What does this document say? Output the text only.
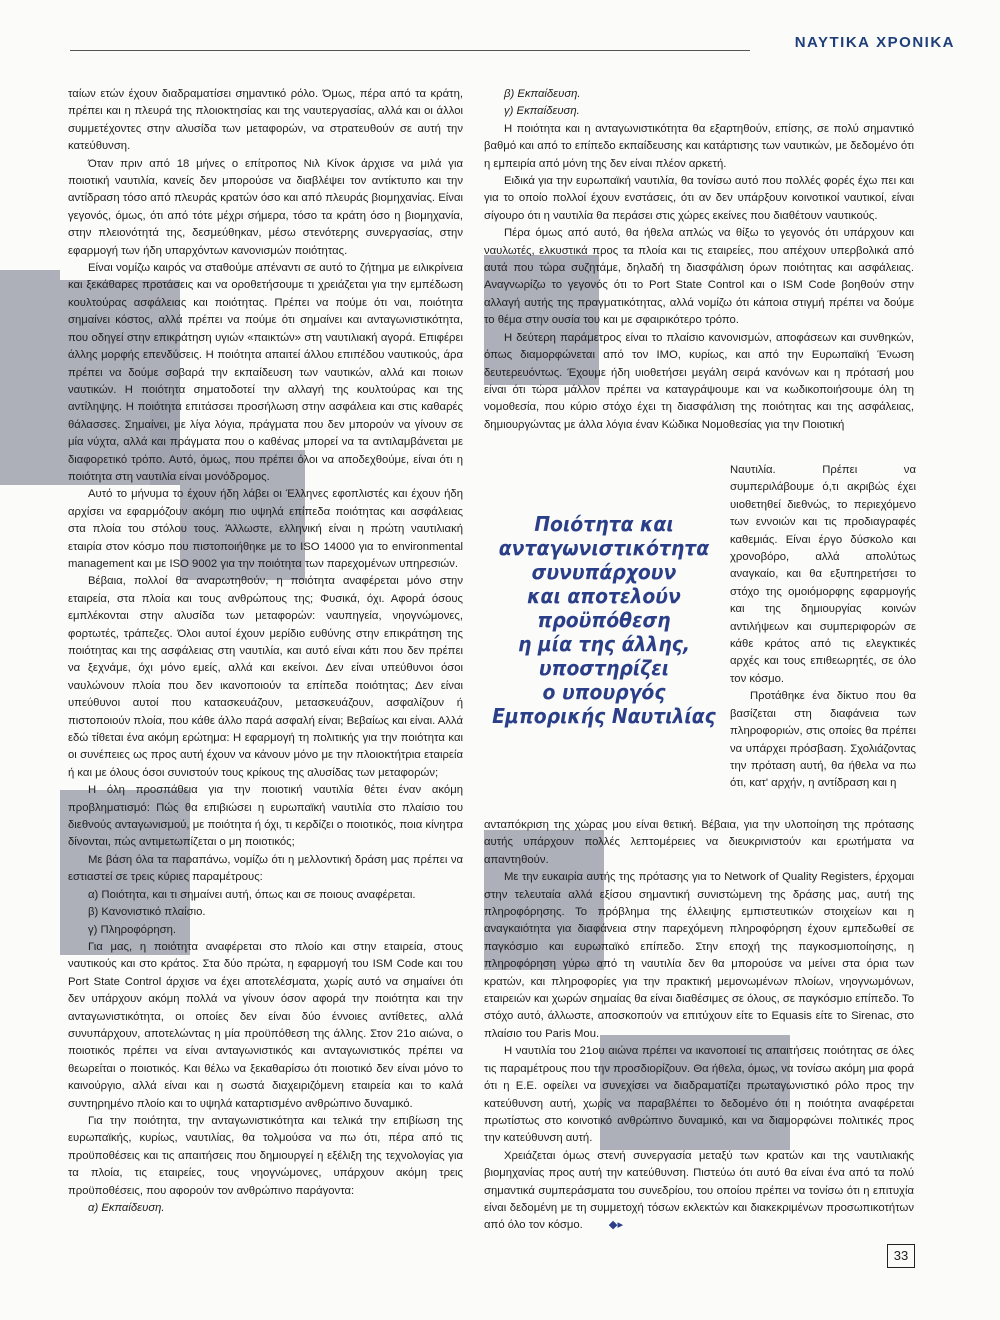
ΝΑΥΤΙΚΑ ΧΡΟΝΙΚΑ

ταίων ετών έχουν διαδραματίσει σημαντικό ρόλο. Όμως, πέρα από τα κράτη, πρέπει και η πλευρά της πλοιοκτησίας και της ναυτεργασίας, αλλά και οι άλλοι συμμετέχοντες στην αλυσίδα των μεταφορών, να στρατευθούν σε αυτή την κατεύθυνση.

Όταν πριν από 18 μήνες ο επίτροπος Νιλ Κίνοκ άρχισε να μιλά για ποιοτική ναυτιλία, κανείς δεν μπορούσε να διαβλέψει τον αντίκτυπο και την αντίδραση τόσο από πλευράς κρατών όσο και από πλευράς βιομηχανίας. Είναι γεγονός, όμως, ότι από τότε μέχρι σήμερα, τόσο τα κράτη όσο η βιομηχανία, στην πλειονότητά της, δεσμεύθηκαν, μέσω στενότερης συνεργασίας, στην εφαρμογή των ήδη υπαρχόντων κανονισμών ποιότητας.

Είναι νομίζω καιρός να σταθούμε απέναντι σε αυτό το ζήτημα με ειλικρίνεια και ξεκάθαρες προτάσεις και να οροθετήσουμε τι χρειάζεται για την εμπέδωση κουλτούρας ασφάλειας και ποιότητας. Πρέπει να πούμε ότι ναι, ποιότητα σημαίνει κόστος, αλλά πρέπει να πούμε ότι σημαίνει και ανταγωνιστικότητα, που οδηγεί στην επικράτηση υγιών «παικτών» στη ναυτιλιακή αγορά. Επιφέρει άλλης μορφής επενδύσεις. Η ποιότητα απαιτεί άλλου επιπέδου ναυτικούς, άρα πρέπει να δούμε σοβαρά την εκπαίδευση των ναυτικών, αλλά και ποιων ναυτικών. Η ποιότητα σηματοδοτεί την αλλαγή της κουλτούρας και της αντίληψης. Η ποιότητα επιτάσσει προσήλωση στην ασφάλεια και στις καθαρές θάλασσες. Σημαίνει, με λίγα λόγια, πράγματα που δεν μπορούν να γίνουν σε μία νύχτα, αλλά και πράγματα που ο καθένας μπορεί να τα αντιλαμβάνεται με διαφορετικό τρόπο. Αυτό, όμως, που πρέπει όλοι να αποδεχθούμε, είναι ότι η ποιότητα στη ναυτιλία είναι μονόδρομος.

Αυτό το μήνυμα το έχουν ήδη λάβει οι Έλληνες εφοπλιστές και έχουν ήδη αρχίσει να εφαρμόζουν ακόμη πιο υψηλά επίπεδα ποιότητας και ασφάλειας στα πλοία του στόλου τους. Άλλωστε, ελληνική είναι η πρώτη ναυτιλιακή εταιρία στον κόσμο που πιστοποιήθηκε με το ISO 14000 για το environmental management και με ISO 9002 για την ποιότητα των παρεχομένων υπηρεσιών.

Βέβαια, πολλοί θα αναρωτηθούν, η ποιότητα αναφέρεται μόνο στην εταιρεία, στα πλοία και τους ανθρώπους της; Φυσικά, όχι. Αφορά όσους εμπλέκονται στην αλυσίδα των μεταφορών: ναυπηγεία, νηογνώμονες, φορτωτές, τράπεζες. Όλοι αυτοί έχουν μερίδιο ευθύνης στην επικράτηση της ποιότητας και της ασφάλειας στη ναυτιλία, και αυτό είναι κάτι που δεν πρέπει να ξεχνάμε, όχι μόνο εμείς, αλλά και εκείνοι. Δεν είναι υπεύθυνοι όσοι ναυλώνουν πλοία που δεν ικανοποιούν τα επίπεδα ποιότητας; Δεν είναι υπεύθυνοι αυτοί που κατασκευάζουν, μετασκευάζουν, ασφαλίζουν ή πιστοποιούν πλοία, που κάθε άλλο παρά ασφαλή είναι; Βεβαίως και είναι. Αλλά εδώ τίθεται ένα ακόμη ερώτημα: Η εφαρμογή τη πολιτικής για την ποιότητα και οι συνέπειες ως προς αυτή έχουν να κάνουν μόνο με την πλοιοκτήτρια εταιρεία ή και με όλους όσοι συνιστούν τους κρίκους της αλυσίδας των μεταφορών;

Η όλη προσπάθεια για την ποιοτική ναυτιλία θέτει έναν ακόμη προβληματισμό: Πώς θα επιβιώσει η ευρωπαϊκή ναυτιλία στο πλαίσιο του διεθνούς ανταγωνισμού, με ποιότητα ή όχι, τι κερδίζει ο ποιοτικός, ποια κίνητρα δίνονται, πώς αντιμετωπίζεται ο μη ποιοτικός;

Με βάση όλα τα παραπάνω, νομίζω ότι η μελλοντική δράση μας πρέπει να εστιαστεί σε τρεις κύριες παραμέτρους:

α) Ποιότητα, και τι σημαίνει αυτή, όπως και σε ποιους αναφέρεται.

β) Κανονιστικό πλαίσιο.

γ) Πληροφόρηση.

Για μας, η ποιότητα αναφέρεται στο πλοίο και στην εταιρεία, στους ναυτικούς και στο κράτος. Στα δύο πρώτα, η εφαρμογή του ISM Code και του Port State Control άρχισε να έχει αποτελέσματα, χωρίς αυτό να σημαίνει ότι δεν υπάρχουν ακόμη πολλά να γίνουν όσον αφορά την ποιότητα και την ανταγωνιστικότητα, οι οποίες δεν είναι δύο έννοιες αντίθετες, αλλά συνυπάρχουν, αποτελώντας η μία προϋπόθεση της άλλης. Στον 21ο αιώνα, ο ποιοτικός πρέπει να είναι ανταγωνιστικός και ανταγωνιστικός πρέπει να θεωρείται ο ποιοτικός. Και θέλω να ξεκαθαρίσω ότι ποιοτικό δεν είναι μόνο το καινούργιο, αλλά είναι και η σωστά διαχειριζόμενη εταιρεία και το καλά συντηρημένο πλοίο και το υψηλά καταρτισμένο ανθρώπινο δυναμικό.

Για την ποιότητα, την ανταγωνιστικότητα και τελικά την επιβίωση της ευρωπαϊκής, κυρίως, ναυτιλίας, θα τολμούσα να πω ότι, πέρα από τις προϋποθέσεις και τις απαιτήσεις που δημιουργεί η εξέλιξη της τεχνολογίας για τα πλοία, τις εταιρείες, τους νηογνώμονες, υπάρχουν ακόμη τρεις προϋποθέσεις, που αφορούν τον ανθρώπινο παράγοντα:

α) Εκπαίδευση.

β) Εκπαίδευση.

γ) Εκπαίδευση.

Η ποιότητα και η ανταγωνιστικότητα θα εξαρτηθούν, επίσης, σε πολύ σημαντικό βαθμό και από το επίπεδο εκπαίδευσης και κατάρτισης των ναυτικών, με δεδομένο ότι η εμπειρία από μόνη της δεν είναι πλέον αρκετή.

Ειδικά για την ευρωπαϊκή ναυτιλία, θα τονίσω αυτό που πολλές φορές έχω πει και για το οποίο πολλοί έχουν ενστάσεις, ότι αν δεν υπάρξουν κοινοτικοί ναυτικοί, είναι σίγουρο ότι η ναυτιλία θα περάσει στις χώρες εκείνες που διαθέτουν ναυτικούς.

Πέρα όμως από αυτό, θα ήθελα απλώς να θίξω το γεγονός ότι υπάρχουν και ναυλωτές, ελκυστικά προς τα πλοία και τις εταιρείες, που απέχουν υπερβολικά από αυτά που τώρα συζητάμε, δηλαδή τη διασφάλιση όρων ποιότητας και ασφάλειας. Αναγνωρίζω το γεγονός ότι το Port State Control και ο ISM Code βοηθούν στην αλλαγή αυτής της πραγματικότητας, αλλά νομίζω ότι κάποια στιγμή πρέπει να δούμε το θέμα στην ουσία του και με σφαιρικότερο τρόπο.

Η δεύτερη παράμετρος είναι το πλαίσιο κανονισμών, αποφάσεων και συνθηκών, όπως διαμορφώνεται από τον ΙΜΟ, κυρίως, και από την Ευρωπαϊκή Ένωση δευτερευόντως. Έχουμε ήδη υιοθετήσει μεγάλη σειρά κανόνων και η πρότασή μου είναι ότι τώρα μάλλον πρέπει να καταγράψουμε και να κωδικοποιήσουμε όλη τη νομοθεσία, που κύριο στόχο έχει τη διασφάλιση της ποιότητας και της ασφάλειας, δημιουργώντας με άλλα λόγια έναν Κώδικα Νομοθεσίας για την Ποιοτική

Ποιότητα και
ανταγωνιστικότητα
συνυπάρχουν
και αποτελούν
προϋπόθεση
η μία της άλλης,
υποστηρίζει
ο υπουργός
Εμπορικής Ναυτιλίας

Ναυτιλία. Πρέπει να συμπεριλάβουμε ό,τι ακριβώς έχει υιοθετηθεί διεθνώς, το περιεχόμενο των εννοιών και τις προδιαγραφές καθεμιάς. Είναι έργο δύσκολο και χρονοβόρο, αλλά απολύτως αναγκαίο, και θα εξυπηρετήσει το στόχο της ομοιόμορφης εφαρμογής και της δημιουργίας κοινών αντιλήψεων και συμπεριφορών σε κάθε κράτος από τις ελεγκτικές αρχές και τους επιθεωρητές, σε όλο τον κόσμο.

Προτάθηκε ένα δίκτυο που θα βασίζεται στη διαφάνεια των πληροφοριών, στις οποίες θα πρέπει να υπάρχει πρόσβαση. Σχολιάζοντας την πρόταση αυτή, θα ήθελα να πω ότι, κατ' αρχήν, η αντίδραση και η

ανταπόκριση της χώρας μου είναι θετική. Βέβαια, για την υλοποίηση της πρότασης αυτής υπάρχουν πολλές λεπτομέρειες να διευκρινιστούν και ερωτήματα να απαντηθούν.

Με την ευκαιρία αυτής της πρότασης για το Network of Quality Registers, έρχομαι στην τελευταία αλλά εξίσου σημαντική συνιστώμενη της δράσης μας, αυτή της πληροφόρησης. Το πρόβλημα της έλλειψης εμπιστευτικών στοιχείων και η αναγκαιότητα για διαφάνεια στην παρεχόμενη πληροφόρηση έχουν εμπεδωθεί σε παγκόσμιο και ευρωπαϊκό επίπεδο. Στην εποχή της παγκοσμιοποίησης, η πληροφόρηση γύρω από τη ναυτιλία δεν θα μπορούσε να μείνει στα όρια των κρατών, και πληροφορίες για την πρακτική μεμονωμένων πλοίων, νηογνωμόνων, εταιρειών και χωρών σημαίας θα είναι διαθέσιμες σε όλους, σε παγκόσμιο επίπεδο. Το στόχο αυτό, άλλωστε, αποσκοπούν να επιτύχουν είτε το Equasis είτε το Sirenac, στο πλαίσιο του Paris Mou.

Η ναυτιλία του 21ου αιώνα πρέπει να ικανοποιεί τις απαιτήσεις ποιότητας σε όλες τις παραμέτρους που την προσδιορίζουν. Θα ήθελα, όμως, να τονίσω ακόμη μια φορά ότι η Ε.Ε. οφείλει να συνεχίσει να διαδραματίζει πρωταγωνιστικό ρόλο προς την κατεύθυνση αυτή, χωρίς να παραβλέπει το δεδομένο ότι η ποιότητα αναφέρεται πρωτίστως στο κοινοτικό ανθρώπινο δυναμικό, και να διαμορφώνει πολιτικές προς την κατεύθυνση αυτή.

Χρειάζεται όμως στενή συνεργασία μεταξύ των κρατών και της ναυτιλιακής βιομηχανίας προς αυτή την κατεύθυνση. Πιστεύω ότι αυτό θα είναι ένα από τα πολύ σημαντικά συμπεράσματα του συνεδρίου, του οποίου πρέπει να τονίσω ότι η επιτυχία είναι δεδομένη με τη συμμετοχή τόσων εκλεκτών και διακεκριμένων προσωπικοτήτων από όλο τον κόσμο. ◆▸

33
